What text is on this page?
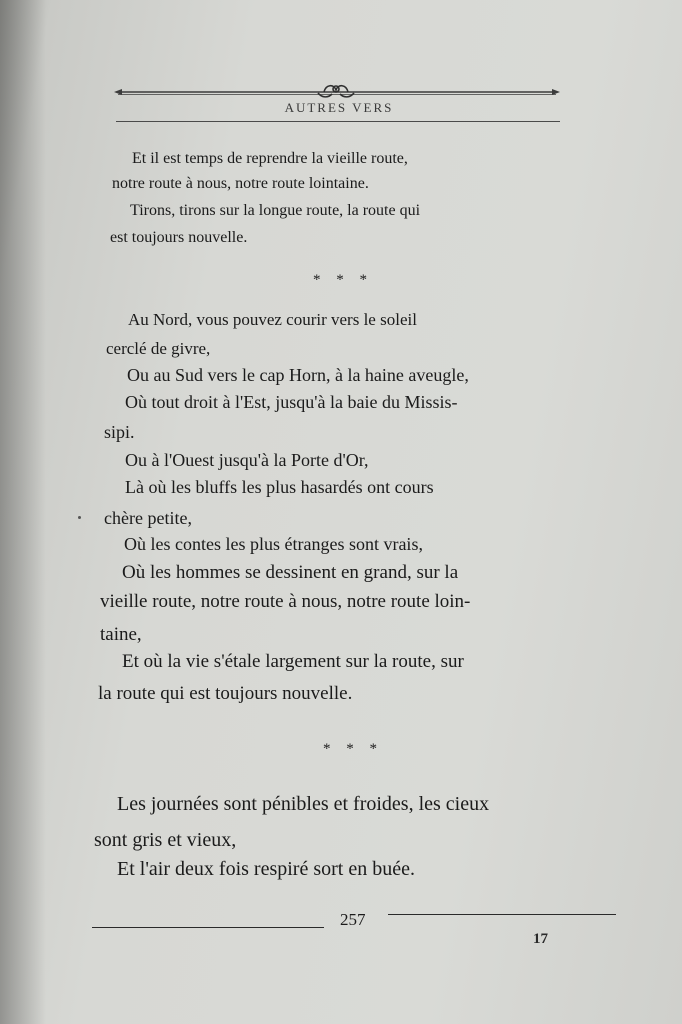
AUTRES VERS
Et il est temps de reprendre la vieille route,
notre route à nous, notre route lointaine.
Tirons, tirons sur la longue route, la route qui
est toujours nouvelle.
* * *
Au Nord, vous pouvez courir vers le soleil
cerclé de givre,
Ou au Sud vers le cap Horn, à la haine aveugle,
Où tout droit à l'Est, jusqu'à la baie du Missis-
sipi.
Ou à l'Ouest jusqu'à la Porte d'Or,
Là où les bluffs les plus hasardés ont cours
chère petite,
Où les contes les plus étranges sont vrais,
Où les hommes se dessinent en grand, sur la
vieille route, notre route à nous, notre route loin-
taine,
Et où la vie s'étale largement sur la route, sur
la route qui est toujours nouvelle.
* * *
Les journées sont pénibles et froides, les cieux
sont gris et vieux,
Et l'air deux fois respiré sort en buée.
257
17
